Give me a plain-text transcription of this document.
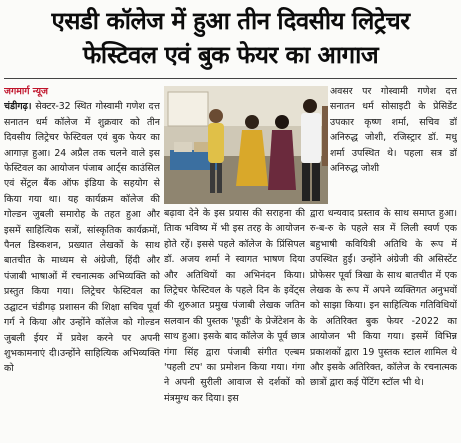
एसडी कॉलेज में हुआ तीन दिवसीय लिट्रेचर
फेस्टिवल एवं बुक फेयर का आगाज
जगमार्ग न्यूज
चंडीगढ़। सेक्टर-32 स्थित गोस्वामी गणेश दत्त सनातन धर्म कॉलेज में शुक्रवार को तीन दिवसीय लिट्रेचर फेस्टिवल एवं बुक फेयर का आगाज़ हुआ। 24 अप्रैल तक चलने वाले इस फेस्टिवल का आयोजन पंजाब आर्ट्स काउंसिल एवं सेंट्रल बैंक ऑफ इंडिया के सहयोग से किया गया था। यह कार्यक्रम कॉलेज की गोल्डन जुबली समारोह के तहत हुआ और इसमें साहित्यिक सत्रों, सांस्कृतिक कार्यक्रमों, पैनल डिस्कशन, प्रख्यात लेखकों के साथ बातचीत के माध्यम से अंग्रेजी, हिंदी और पंजाबी भाषाओं में रचनात्मक अभिव्यक्ति को प्रस्तुत किया गया। लिट्रेचर फेस्टिवल का उद्घाटन चंडीगढ़ प्रशासन की शिक्षा सचिव पूर्वा गर्ग ने किया और उन्होंने कॉलेज को गोल्डन जुबली ईयर में प्रवेश करने पर अपनी शुभकामनाएं दी।उन्होंने साहित्यिक अभिव्यक्ति को
अवसर पर गोस्वामी गणेश दत्त सनातन धर्म सोसाइटी के प्रेसिडेंट उपकार कृष्ण शर्मा, सचिव डॉ अनिरुद्ध जोशी, रजिस्ट्रार डॉ. मधु शर्मा उपस्थित थे। पहला सत्र डॉ अनिरुद्ध जोशी
बढ़ावा देने के इस प्रयास की सराहना की तािक भविष्य में भी इस तरह के आयोजन होते रहें। इससे पहले कॉलेज के प्रिंसिपल डॉ. अजय शर्मा ने स्वागत भाषण दिया और अतिथियों का अभिनंदन किया। लिट्रेचर फेस्टिवल के पहले दिन के इवेंट्स की शुरुआत प्रमुख पंजाबी लेखक जतिन सलवान की पुस्तक 'फूडी' के प्रेजेंटेशन के साथ हुआ। इसके बाद कॉलेज के पूर्व छात्र गंगा सिंह द्वारा पंजाबी संगीत एल्बम 'पहली टप' का प्रमोशन किया गया। गंगा ने अपनी सुरीली आवाज से दर्शकों को मंत्रमुग्ध कर दिया। इस
द्वारा धन्यवाद प्रस्ताव के साथ समाप्त हुआ। रु-ब-रु के पहले सत्र में लिली स्वर्ण एक बहुभाषी कवियित्री अतिथि के रूप में उपस्थित हुईं। उन्होंने अंग्रेजी की असिस्टेंट प्रोफेसर पूर्वा त्रिखा के साथ बातचीत में एक लेखक के रूप में अपने व्यक्तिगत अनुभवों को साझा किया। इन साहित्यिक गतिविधियों के अतिरिक्त बुक फेयर -2022 का आयोजन भी किया गया। इसमें विभिन्न प्रकाशकों द्वारा 19 पुस्तक स्टाल शामिल थे और इसके अतिरिक्त, कॉलेज के रचनात्मक छात्रों द्वारा कई पेंटिंग स्टॉल भी थे।
